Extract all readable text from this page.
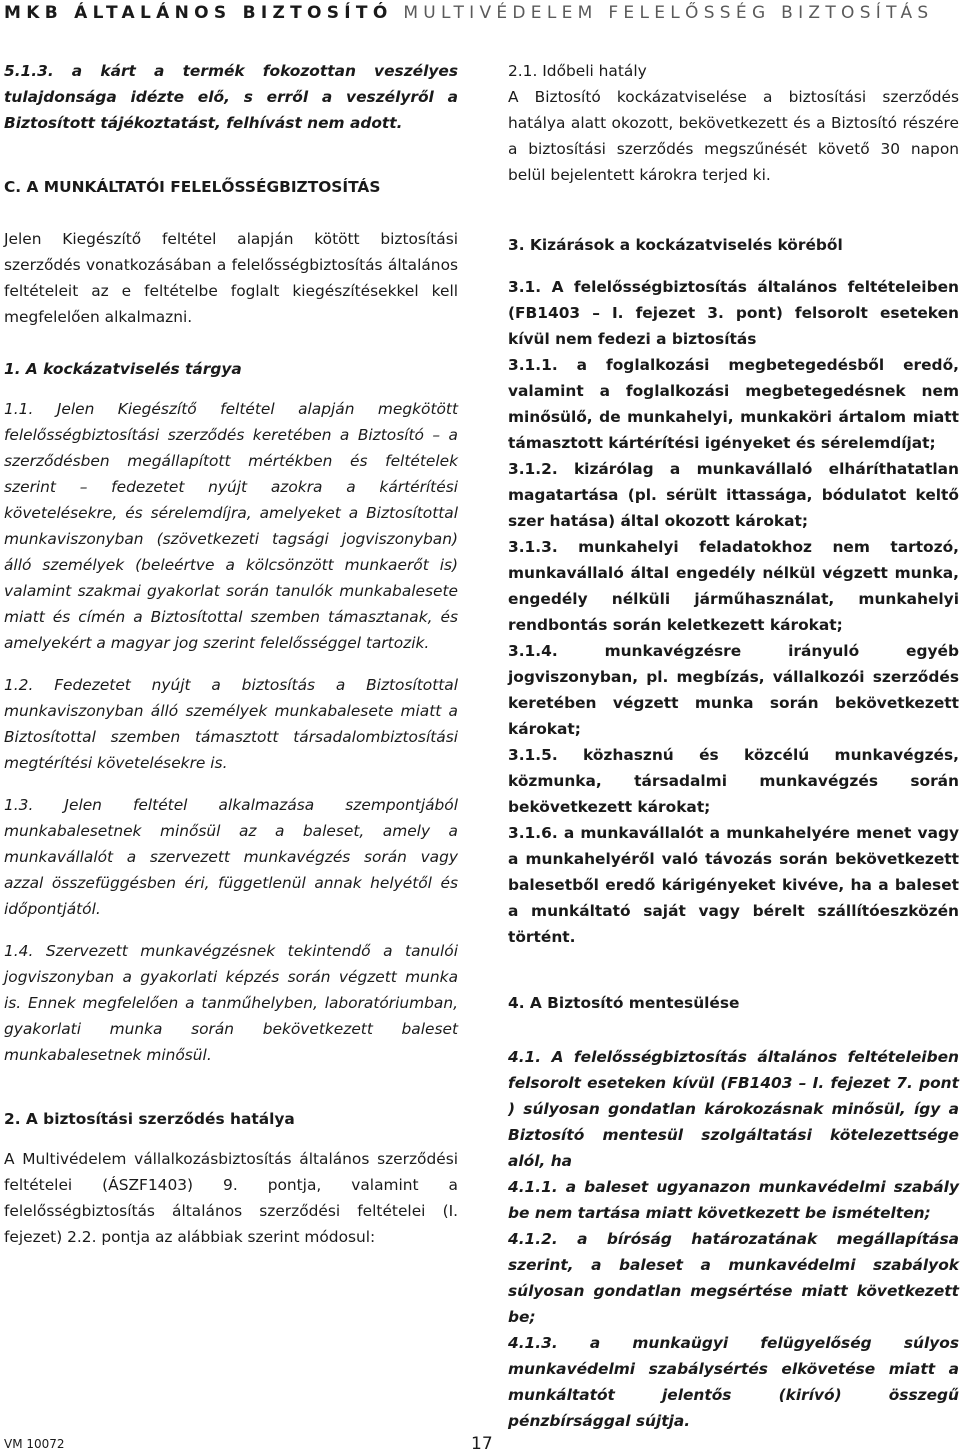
MKB ÁLTALÁNOS BIZTOSÍTÓ MULTIVÉDELEM FELELŐSSÉG BIZTOSÍTÁS

5.1.3. a kárt a termék fokozottan veszélyes tulajdonsága idézte elő, s erről a veszélyről a Biztosított tájékoztatást, felhívást nem adott.

C. A MUNKÁLTATÓI FELELŐSSÉGBIZTOSÍTÁS

Jelen Kiegészítő feltétel alapján kötött biztosítási szerződés vonatkozásában a felelősségbiztosítás általános feltételeit az e feltételbe foglalt kiegészítésekkel kell megfelelően alkalmazni.

1. A kockázatviselés tárgya

1.1. Jelen Kiegészítő feltétel alapján megkötött felelősségbiztosítási szerződés keretében a Biztosító – a szerződésben megállapított mértékben és feltételek szerint – fedezetet nyújt azokra a kártérítési követelésekre, és sérelemdíjra, amelyeket a Biztosítottal munkaviszonyban (szövetkezeti tagsági jogviszonyban) álló személyek (beleértve a kölcsönzött munkaerőt is) valamint szakmai gyakorlat során tanulók munkabalesete miatt és címén a Biztosítottal szemben támasztanak, és amelyekért a magyar jog szerint felelősséggel tartozik.

1.2. Fedezetet nyújt a biztosítás a Biztosítottal munkaviszonyban álló személyek munkabalesete miatt a Biztosítottal szemben támasztott társadalombiztosítási megtérítési követelésekre is.

1.3. Jelen feltétel alkalmazása szempontjából munkabalesetnek minősül az a baleset, amely a munkavállalót a szervezett munkavégzés során vagy azzal összefüggésben éri, függetlenül annak helyétől és időpontjától.

1.4. Szervezett munkavégzésnek tekintendő a tanulói jogviszonyban a gyakorlati képzés során végzett munka is. Ennek megfelelően a tanműhelyben, laboratóriumban, gyakorlati munka során bekövetkezett baleset munkabalesetnek minősül.

2. A biztosítási szerződés hatálya

A Multivédelem vállalkozásbiztosítás általános szerződési feltételei (ÁSZF1403) 9. pontja, valamint a felelősségbiztosítás általános szerződési feltételei (I. fejezet) 2.2. pontja az alábbiak szerint módosul:

2.1. Időbeli hatály

A Biztosító kockázatviselése a biztosítási szerződés hatálya alatt okozott, bekövetkezett és a Biztosító részére a biztosítási szerződés megszűnését követő 30 napon belül bejelentett károkra terjed ki.

3. Kizárások a kockázatviselés köréből

3.1. A felelősségbiztosítás általános feltételeiben (FB1403 – I. fejezet 3. pont) felsorolt eseteken kívül nem fedezi a biztosítás

3.1.1. a foglalkozási megbetegedésből eredő, valamint a foglalkozási megbetegedésnek nem minősülő, de munkahelyi, munkaköri ártalom miatt támasztott kártérítési igényeket és sérelemdíjat;

3.1.2. kizárólag a munkavállaló elháríthatatlan magatartása (pl. sérült ittassága, bódulatot keltő szer hatása) által okozott károkat;

3.1.3. munkahelyi feladatokhoz nem tartozó, munkavállaló által engedély nélkül végzett munka, engedély nélküli járműhasználat, munkahelyi rendbontás során keletkezett károkat;

3.1.4. munkavégzésre irányuló egyéb jogviszonyban, pl. megbízás, vállalkozói szerződés keretében végzett munka során bekövetkezett károkat;

3.1.5. közhasznú és közcélú munkavégzés, közmunka, társadalmi munkavégzés során bekövetkezett károkat;

3.1.6. a munkavállalót a munkahelyére menet vagy a munkahelyéről való távozás során bekövetkezett balesetből eredő kárigényeket kivéve, ha a baleset a munkáltató saját vagy bérelt szállítóeszközén történt.

4. A Biztosító mentesülése

4.1. A felelősségbiztosítás általános feltételeiben felsorolt eseteken kívül (FB1403 – I. fejezet 7. pont ) súlyosan gondatlan károkozásnak minősül, így a Biztosító mentesül szolgáltatási kötelezettsége alól, ha

4.1.1. a baleset ugyanazon munkavédelmi szabály be nem tartása miatt következett be ismételten;

4.1.2. a bíróság határozatának megállapítása szerint, a baleset a munkavédelmi szabályok súlyosan gondatlan megsértése miatt következett be;

4.1.3. a munkaügyi felügyelőség súlyos munkavédelmi szabálysértés elkövetése miatt a munkáltatót jelentős (kirívó) összegű pénzbírsággal sújtja.

VM 10072	17
